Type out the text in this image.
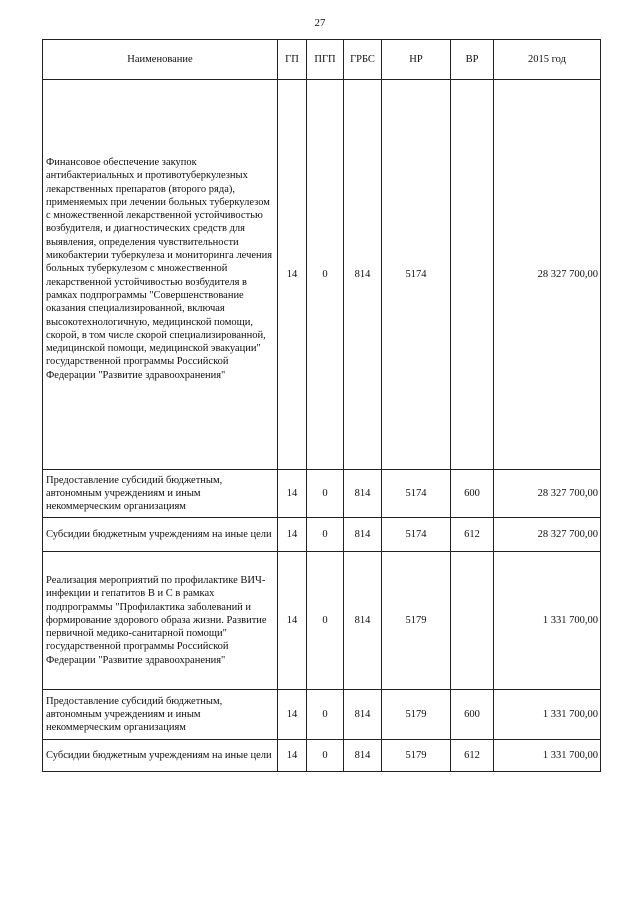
27
Наименование	ГП	ПГП	ГРБС	НР	ВР	2015 год
Финансовое обеспечение закупок антибактериальных и противотуберкулезных лекарственных препаратов (второго ряда), применяемых при лечении больных туберкулезом с множественной лекарственной устойчивостью возбудителя, и диагностических средств для выявления, определения чувствительности микобактерии туберкулеза и мониторинга лечения больных туберкулезом с множественной лекарственной устойчивостью возбудителя в рамках подпрограммы "Совершенствование оказания специализированной, включая высокотехнологичную, медицинской помощи, скорой, в том числе скорой специализированной, медицинской помощи, медицинской эвакуации" государственной программы Российской Федерации "Развитие здравоохранения"	14	0	814	5174		28 327 700,00
Предоставление субсидий бюджетным, автономным учреждениям и иным некоммерческим организациям	14	0	814	5174	600	28 327 700,00
Субсидии бюджетным учреждениям на иные цели	14	0	814	5174	612	28 327 700,00
Реализация мероприятий по профилактике ВИЧ-инфекции и гепатитов В и С в рамках подпрограммы "Профилактика заболеваний и формирование здорового образа жизни. Развитие первичной медико-санитарной помощи" государственной программы Российской Федерации "Развитие здравоохранения"	14	0	814	5179		1 331 700,00
Предоставление субсидий бюджетным, автономным учреждениям и иным некоммерческим организациям	14	0	814	5179	600	1 331 700,00
Субсидии бюджетным учреждениям на иные цели	14	0	814	5179	612	1 331 700,00
